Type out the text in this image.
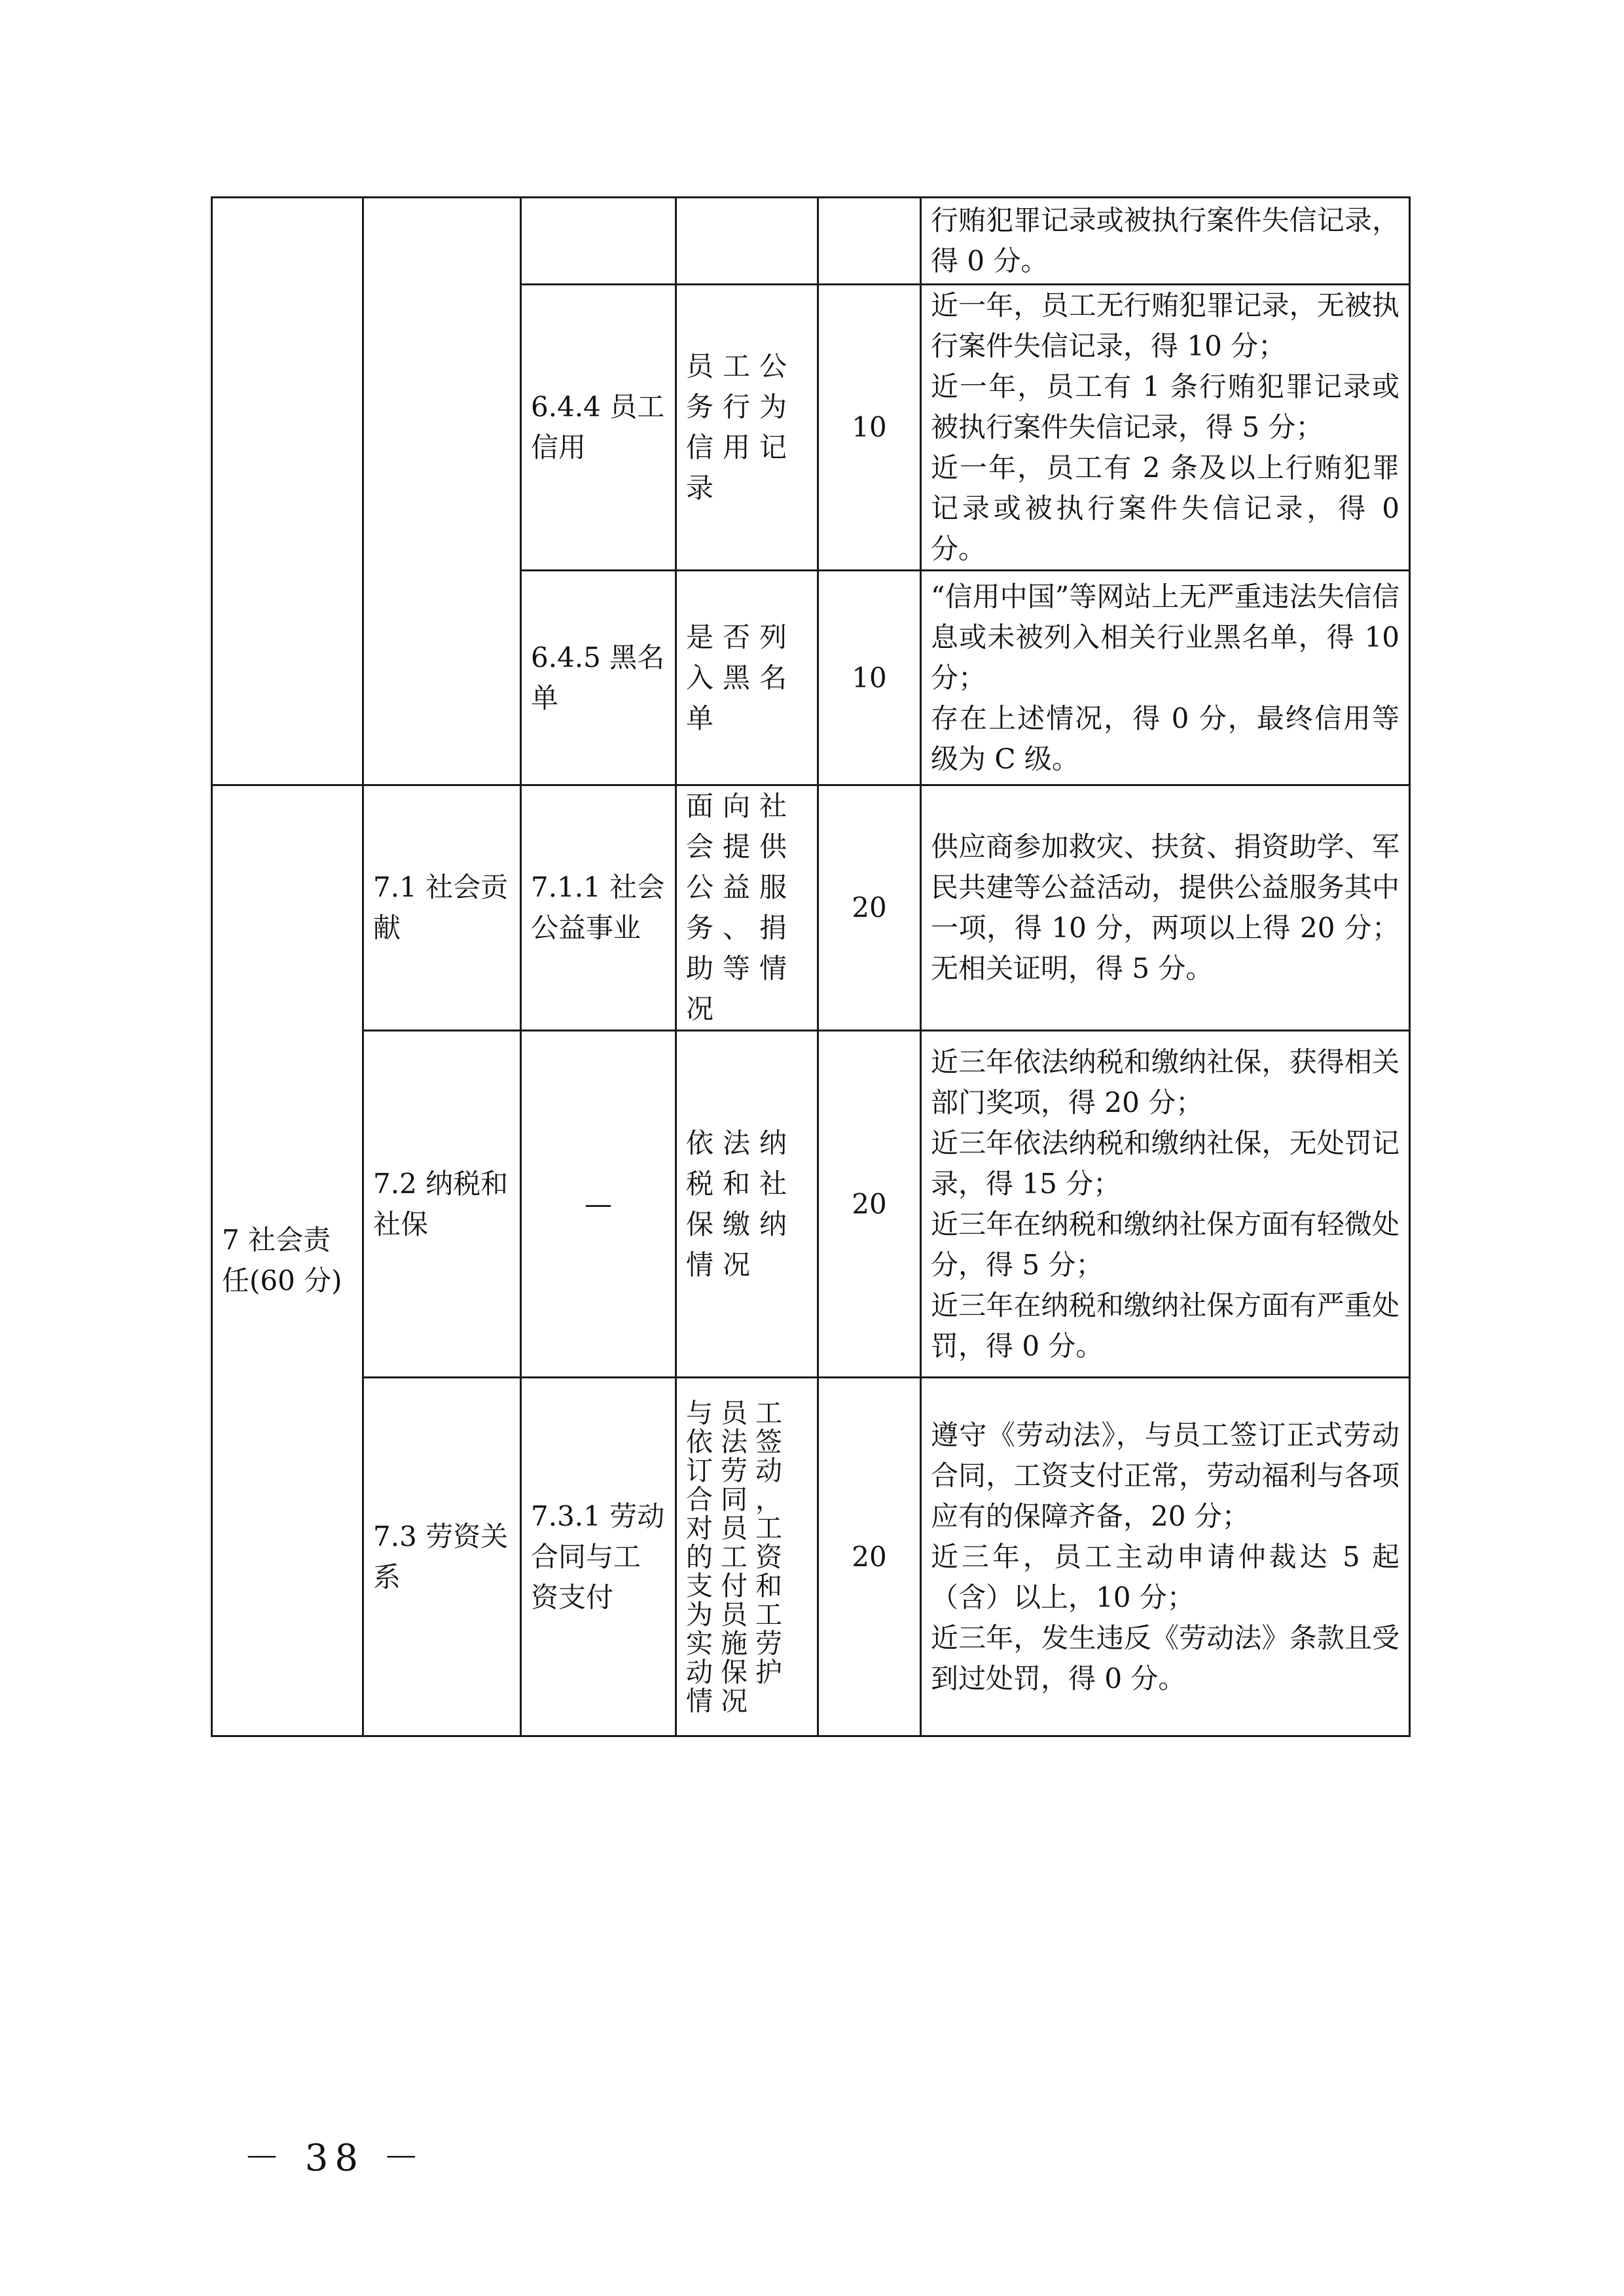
					行贿犯罪记录或被执行案件失信记录，得 0 分。

		6.4.4 员工信用	员工公务行为信用记录	10	近一年，员工无行贿犯罪记录，无被执行案件失信记录，得 10 分；
近一年，员工有 1 条行贿犯罪记录或被执行案件失信记录，得 5 分；
近一年，员工有 2 条及以上行贿犯罪记录或被执行案件失信记录，得 0 分。

		6.4.5 黑名单	是否列入黑名单	10	“信用中国”等网站上无严重违法失信信息或未被列入相关行业黑名单，得 10 分；
存在上述情况，得 0 分，最终信用等级为 C 级。

7 社会责任(60 分)	7.1 社会贡献	7.1.1 社会公益事业	面向社会提供公益服务、捐助等情况	20	供应商参加救灾、扶贫、捐资助学、军民共建等公益活动，提供公益服务其中一项，得 10 分，两项以上得 20 分；无相关证明，得 5 分。

	7.2 纳税和社保	—	依法纳税和社保缴纳情况	20	近三年依法纳税和缴纳社保，获得相关部门奖项，得 20 分；
近三年依法纳税和缴纳社保，无处罚记录，得 15 分；
近三年在纳税和缴纳社保方面有轻微处分，得 5 分；
近三年在纳税和缴纳社保方面有严重处罚，得 0 分。

	7.3 劳资关系	7.3.1 劳动合同与工资支付	与员工依法签订劳动合同，对员工的工资支付和为员工实施劳动保护情况	20	遵守《劳动法》，与员工签订正式劳动合同，工资支付正常，劳动福利与各项应有的保障齐备，20 分；
近三年，员工主动申请仲裁达 5 起（含）以上，10 分；
近三年，发生违反《劳动法》条款且受到过处罚，得 0 分。
－ 38 －
